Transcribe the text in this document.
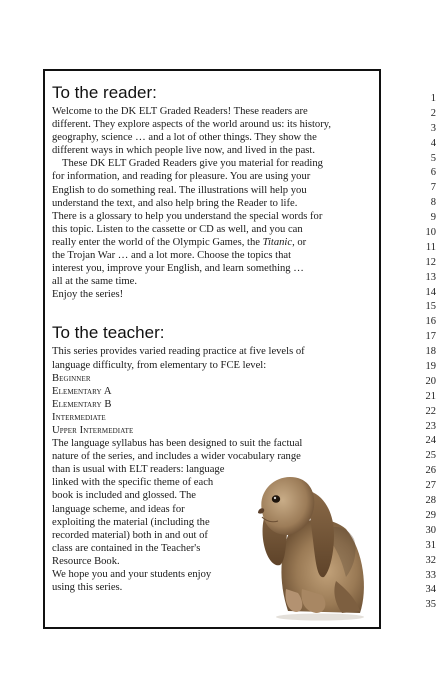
To the reader:

Welcome to the DK ELT Graded Readers! These readers are
different. They explore aspects of the world around us: its history,
geography, science … and a lot of other things. They show the
different ways in which people live now, and lived in the past.

These DK ELT Graded Readers give you material for reading
for information, and reading for pleasure. You are using your
English to do something real. The illustrations will help you
understand the text, and also help bring the Reader to life.
There is a glossary to help you understand the special words for
this topic. Listen to the cassette or CD as well, and you can
really enter the world of the Olympic Games, the Titanic, or
the Trojan War … and a lot more. Choose the topics that
interest you, improve your English, and learn something …
all at the same time.
Enjoy the series!

To the teacher:

This series provides varied reading practice at five levels of
language difficulty, from elementary to FCE level:

Beginner
Elementary A
Elementary B
Intermediate
Upper Intermediate

The language syllabus has been designed to suit the factual
nature of the series, and includes a wider vocabulary range
than is usual with ELT readers: language
linked with the specific theme of each
book is included and glossed. The
language scheme, and ideas for
exploiting the material (including the
recorded material) both in and out of
class are contained in the Teacher's
Resource Book.
We hope you and your students enjoy
using this series.

1
2
3
4
5
6
7
8
9
10
11
12
13
14
15
16
17
18
19
20
21
22
23
24
25
26
27
28
29
30
31
32
33
34
35
